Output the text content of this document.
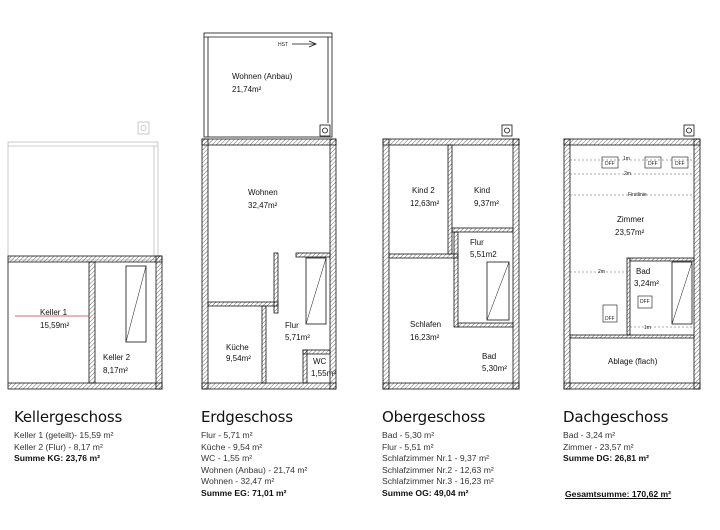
Keller 1
15,59m²
Keller 2
8,17m²
HST
Wohnen (Anbau)
21,74m²
Wohnen
32,47m²
Küche
9,54m²
Flur
5,71m²
WC
1,55m²
Kind 2
12,63m²
Kind
9,37m²
Flur
5,51m2
Schlafen
16,23m²
Bad
5,30m²
DFF	DFF	DFF
DFF
DFF
1m
2m
Firstlinie
2m
1m
Zimmer
23,57m²
Bad
3,24m²
Ablage (flach)
Kellergeschoss
Keller 1 (geteilt)- 15,59 m²
Keller 2 (Flur) - 8,17 m²
Summe KG: 23,76 m²
Erdgeschoss
Flur - 5,71 m²
Küche - 9,54 m²
WC - 1,55 m²
Wohnen (Anbau) - 21,74 m²
Wohnen - 32,47 m²
Summe EG: 71,01 m²
Obergeschoss
Bad - 5,30 m²
Flur - 5,51 m²
Schlafzimmer Nr.1 - 9,37 m²
Schlafzimmer Nr.2 - 12,63 m²
Schlafzimmer Nr.3 - 16,23 m²
Summe OG: 49,04 m²
Dachgeschoss
Bad - 3,24 m²
Zimmer - 23,57 m²
Summe DG: 26,81 m²
Gesamtsumme: 170,62 m²
